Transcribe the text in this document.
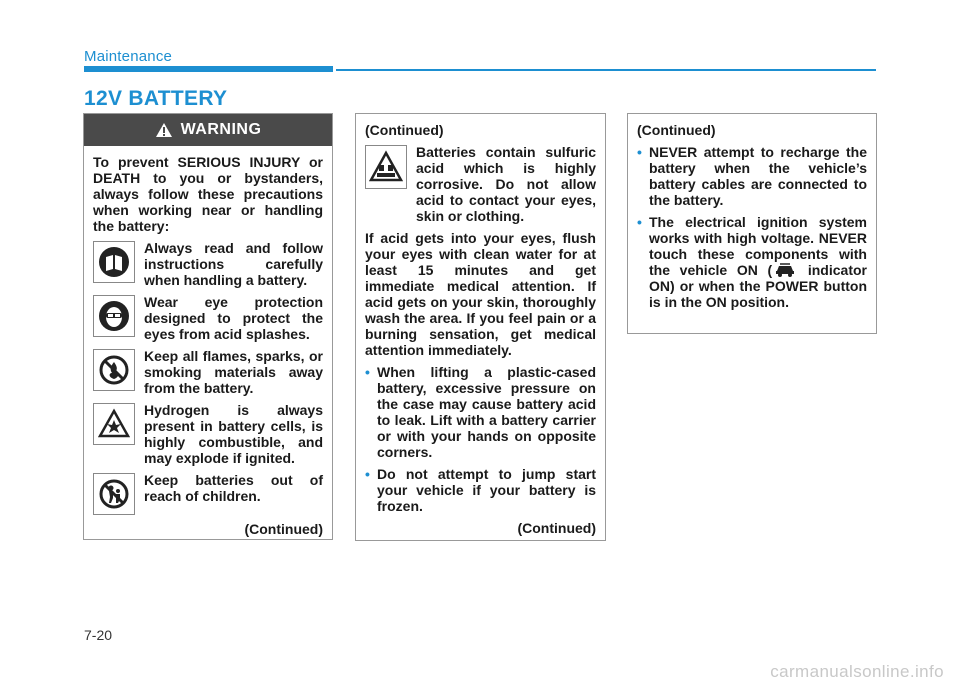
Maintenance
12V BATTERY
WARNING
To prevent SERIOUS INJURY or DEATH to you or bystanders, always follow these precautions when working near or handling the battery:
Always read and follow instructions carefully when handling a battery.
Wear eye protection designed to protect the eyes from acid splashes.
Keep all flames, sparks, or smoking materials away from the battery.
Hydrogen is always present in battery cells, is highly combustible, and may explode if ignited.
Keep batteries out of reach of children.
(Continued)
(Continued)
Batteries contain sulfuric acid which is highly corrosive. Do not allow acid to contact your eyes, skin or clothing.
If acid gets into your eyes, flush your eyes with clean water for at least 15 minutes and get immediate medical attention. If acid gets on your skin, thoroughly wash the area. If you feel pain or a burning sensation, get medical attention immediately.
• When lifting a plastic-cased battery, excessive pressure on the case may cause battery acid to leak. Lift with a battery carrier or with your hands on opposite corners.
• Do not attempt to jump start your vehicle if your battery is frozen.
(Continued)
(Continued)
• NEVER attempt to recharge the battery when the vehicle’s battery cables are connected to the battery.
• The electrical ignition system works with high voltage. NEVER touch these components with the vehicle ON ( indicator ON) or when the POWER button is in the ON position.
7-20
carmanualsonline.info
